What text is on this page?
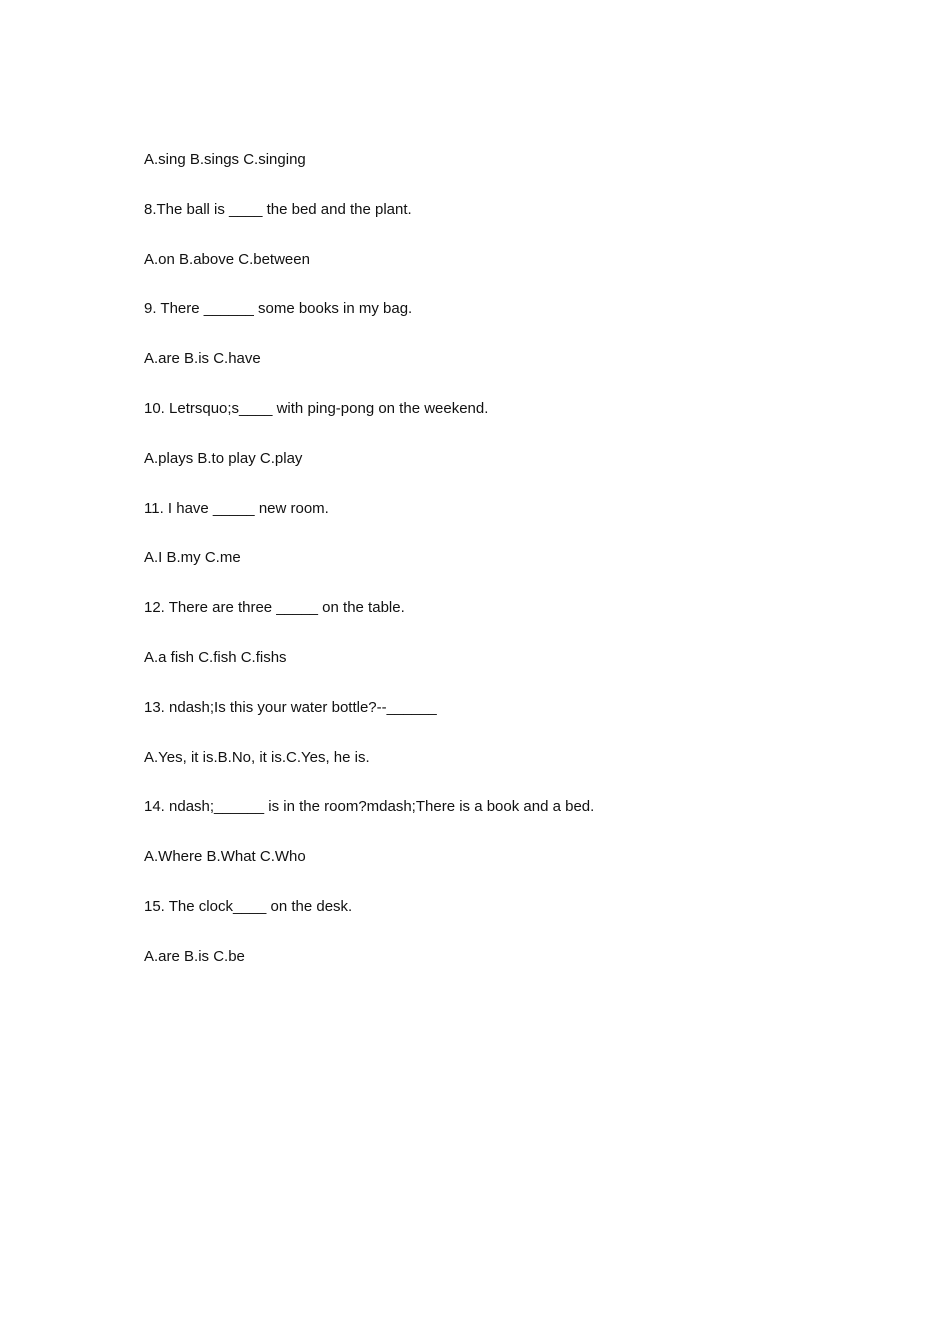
A.sing B.sings C.singing
8.The ball is ____ the bed and the plant.
A.on B.above C.between
9. There ______ some books in my bag.
A.are B.is C.have
10. Letrsquo;s____ with ping-pong on the weekend.
A.plays B.to play C.play
11. I have _____ new room.
A.I B.my C.me
12. There are three _____ on the table.
A.a fish C.fish C.fishs
13. ndash;Is this your water bottle?--______
A.Yes, it is.B.No, it is.C.Yes, he is.
14. ndash;______ is in the room?mdash;There is a book and a bed.
A.Where B.What C.Who
15. The clock____ on the desk.
A.are B.is C.be
